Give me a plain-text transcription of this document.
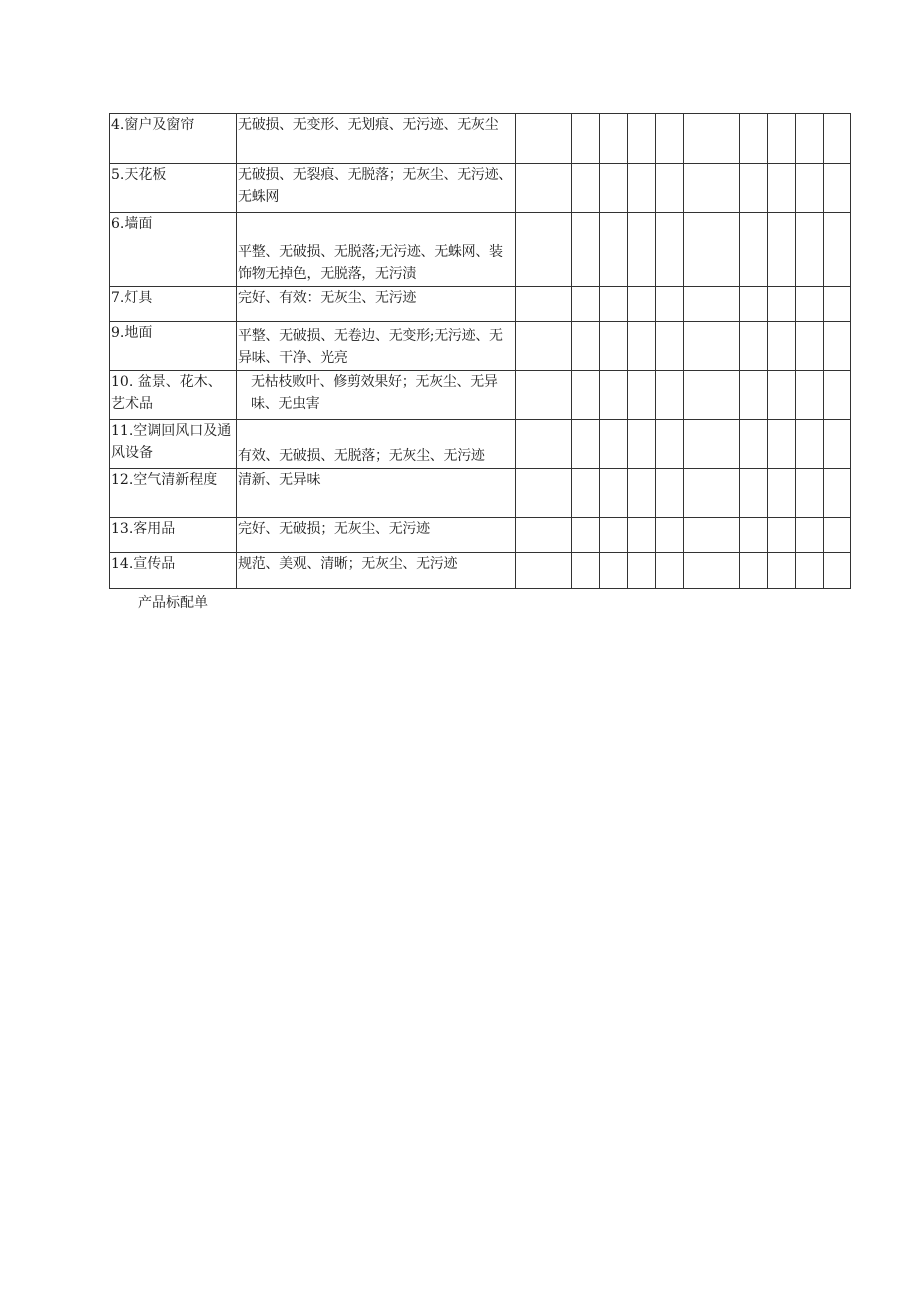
4.窗户及窗帘	无破损、无变形、无划痕、无污迹、无灰尘										
5.天花板	无破损、无裂痕、无脱落；无灰尘、无污迹、无蛛网										
6.墙面	平整、无破损、无脱落;无污迹、无蛛网、装饰物无掉色，无脱落，无污渍										
7.灯具	完好、有效：无灰尘、无污迹										
9.地面	平整、无破损、无卷边、无变形;无污迹、无异味、干净、光亮										
10. 盆景、花木、艺术品	无枯枝败叶、修剪效果好；无灰尘、无异味、无虫害										
11.空调回风口及通风设备	有效、无破损、无脱落；无灰尘、无污迹										
12.空气清新程度	清新、无异味										
13.客用品	完好、无破损；无灰尘、无污迹										
14.宣传品	规范、美观、清晰；无灰尘、无污迹										
产品标配单
